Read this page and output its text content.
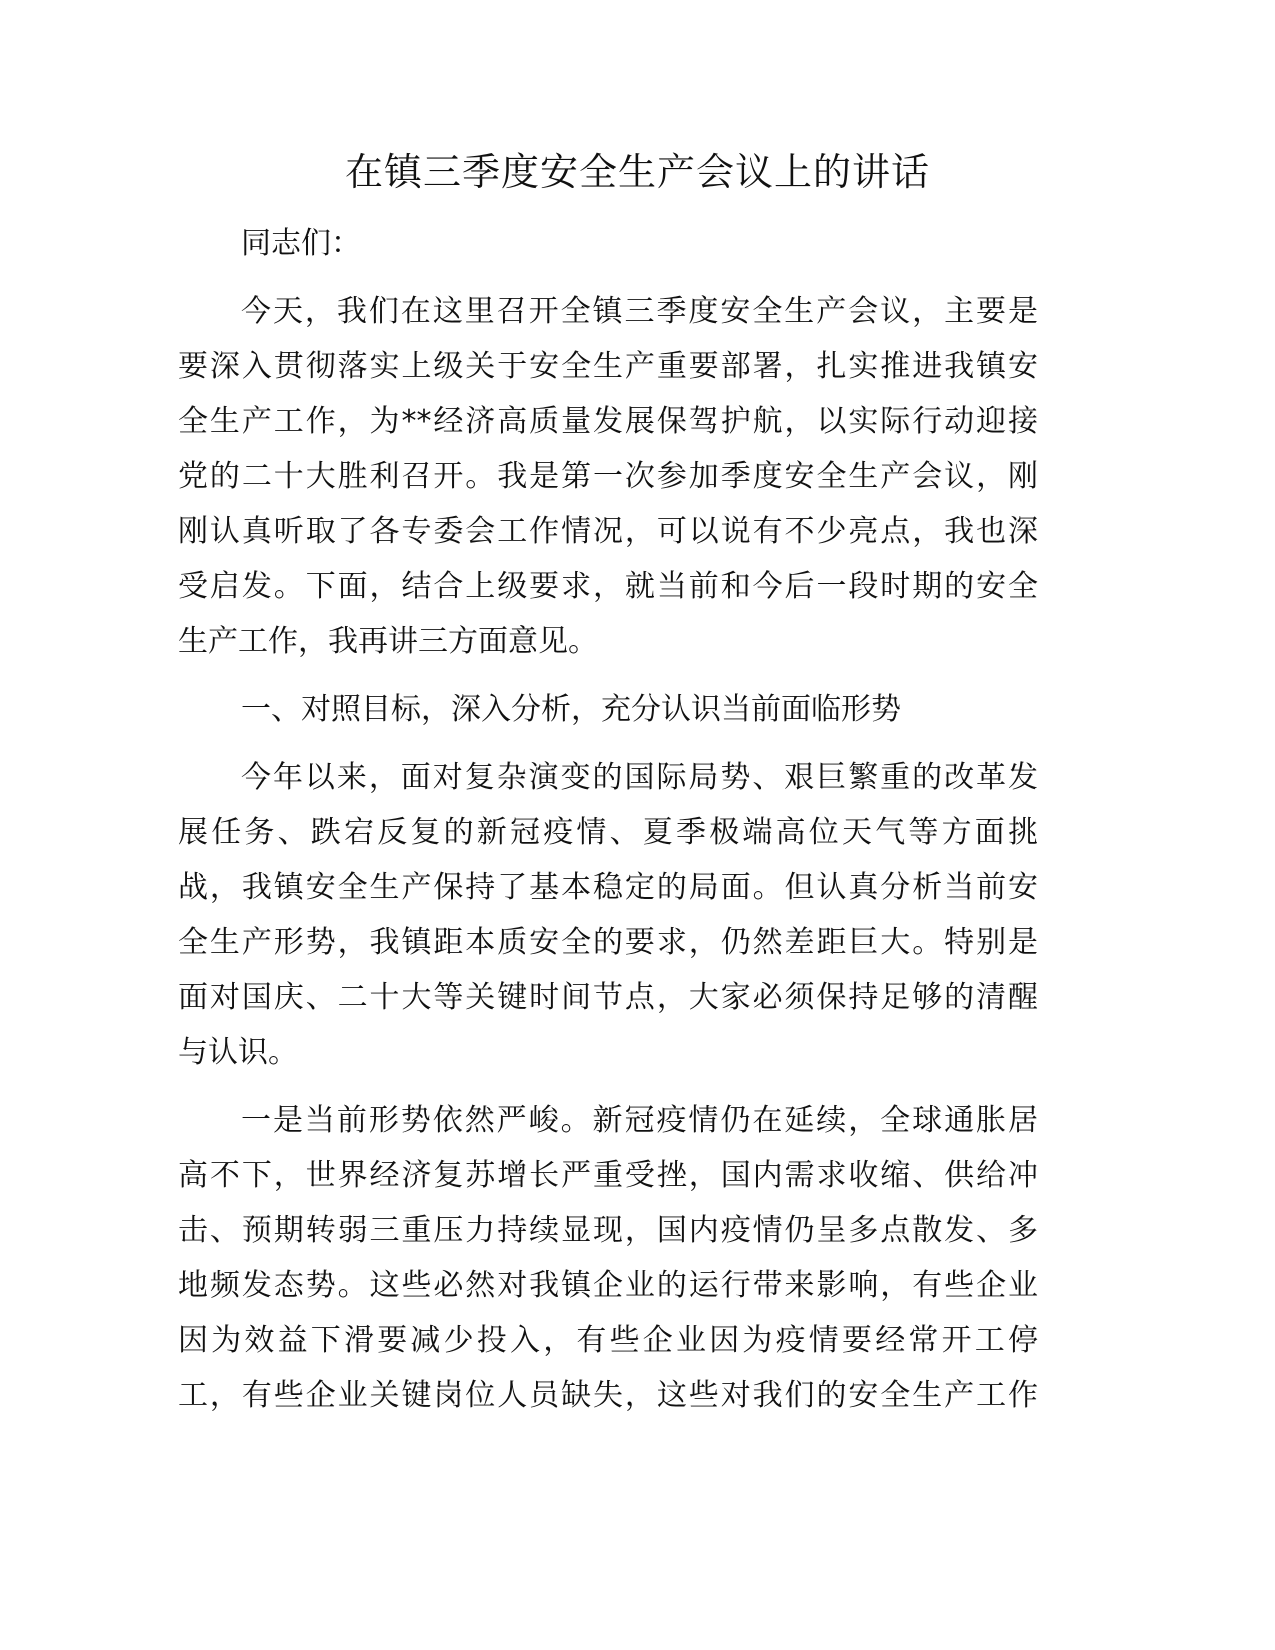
在镇三季度安全生产会议上的讲话
同志们：
今天，我们在这里召开全镇三季度安全生产会议，主要是
要深入贯彻落实上级关于安全生产重要部署，扎实推进我镇安
全生产工作，为**经济高质量发展保驾护航，以实际行动迎接
党的二十大胜利召开。我是第一次参加季度安全生产会议，刚
刚认真听取了各专委会工作情况，可以说有不少亮点，我也深
受启发。下面，结合上级要求，就当前和今后一段时期的安全
生产工作，我再讲三方面意见。
一、对照目标，深入分析，充分认识当前面临形势
今年以来，面对复杂演变的国际局势、艰巨繁重的改革发
展任务、跌宕反复的新冠疫情、夏季极端高位天气等方面挑
战，我镇安全生产保持了基本稳定的局面。但认真分析当前安
全生产形势，我镇距本质安全的要求，仍然差距巨大。特别是
面对国庆、二十大等关键时间节点，大家必须保持足够的清醒
与认识。
一是当前形势依然严峻。新冠疫情仍在延续，全球通胀居
高不下，世界经济复苏增长严重受挫，国内需求收缩、供给冲
击、预期转弱三重压力持续显现，国内疫情仍呈多点散发、多
地频发态势。这些必然对我镇企业的运行带来影响，有些企业
因为效益下滑要减少投入，有些企业因为疫情要经常开工停
工，有些企业关键岗位人员缺失，这些对我们的安全生产工作
